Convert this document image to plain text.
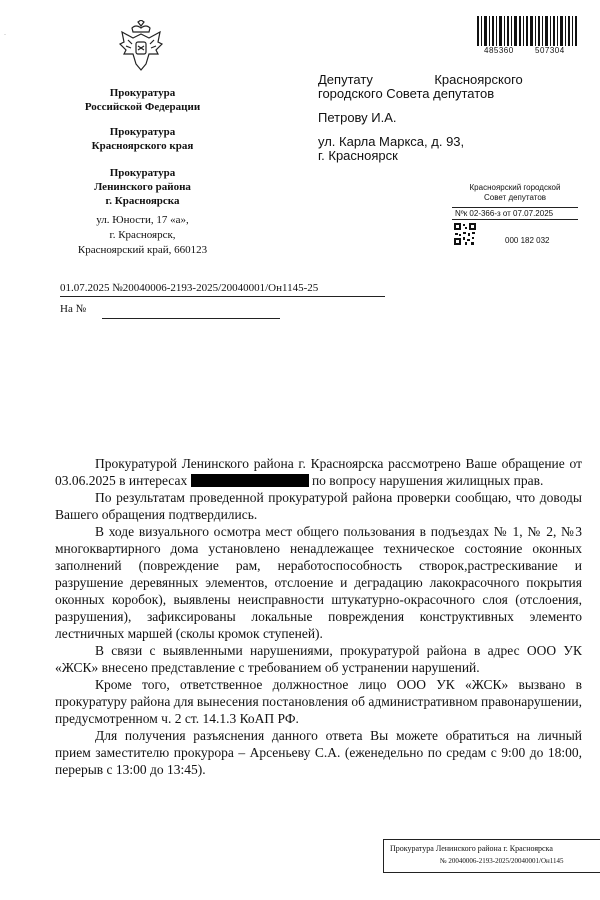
·
Прокуратура
Российской Федерации
Прокуратура
Красноярского края
Прокуратура
Ленинского района
г. Красноярска
ул. Юности, 17 «а»,
г. Красноярск,
Красноярский край, 660123
485360	507304
Депутату                 Красноярского
городского Совета депутатов
Петрову И.А.
ул. Карла Маркса, д. 93,
г. Красноярск
Красноярский городской
Совет депутатов
Nºк 02-366-з от 07.07.2025
000 182 032
01.07.2025 №20040006-2193-2025/20040001/Он1145-25
На №

Прокуратурой Ленинского района г. Красноярска рассмотрено Ваше обращение от 03.06.2025 в интересах	по вопросу нарушения жилищных прав.

По результатам проведенной прокуратурой района проверки сообщаю, что доводы Вашего обращения подтвердились.

В ходе визуального осмотра мест общего пользования в подъездах № 1, № 2, №3 многоквартирного дома установлено ненадлежащее техническое состояние оконных заполнений (повреждение рам, неработоспособность створок,растрескивание и разрушение деревянных элементов, отслоение и деградацию лакокрасочного покрытия оконных коробок), выявлены неисправности штукатурно-окрасочного слоя (отслоения, разрушения), зафиксированы локальные повреждения конструктивных элементо лестничных маршей (сколы кромок ступеней).

В связи с выявленными нарушениями, прокуратурой района в адрес ООО УК «ЖСК» внесено представление с требованием об устранении нарушений.

Кроме того, ответственное должностное лицо ООО УК «ЖСК» вызвано в прокуратуру района для вынесения постановления об административном правонарушении, предусмотренном ч. 2 ст. 14.1.3 КоАП РФ.

Для получения разъяснения данного ответа Вы можете обратиться на личный прием заместителю прокурора – Арсеньеву С.А. (еженедельно по средам с 9:00 до 18:00, перерыв с 13:00 до 13:45).

Прокуратура Ленинского района г. Красноярска
№ 20040006-2193-2025/20040001/Он1145
